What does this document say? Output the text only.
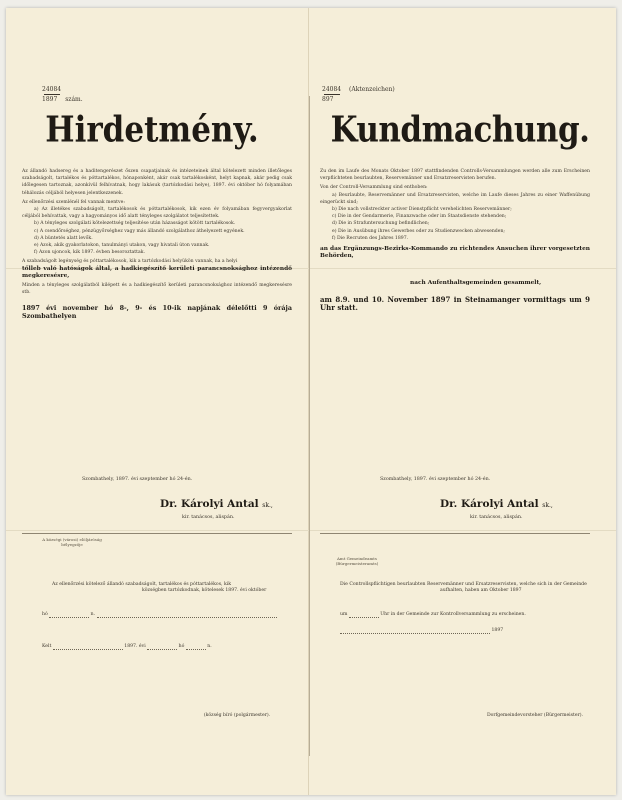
24084
1897 szám.
Hirdetmény.
Az állandó hadsereg és a haditengerészet őszen csapatjainak és intézeteinek által kötelezett minden illetőleges szabadságolt, tartalékos és póttartalékos, hónaponként, akár csak tartalékosként, helyt kapnak, akár pedig csak időlegesen tartoznak, azonkívül felhívatnak, hogy lakásuk (tartózkodási helye), 1897. évi október hó folyamában téhálozás céljából helyesen jelentkezzenek.
Az ellenőrzési szemlénél fel vannak mentve:
a) Az illetékes szabadságolt, tartalékosok és póttartalékosok, kik ezen év folyamában fegyvergyakorlat céljából behívattak, vagy a hagyományos idő alatt tényleges szolgálatot teljesítettek.
b) A tényleges szolgálati kötelezettség teljesítése után házasságot kötött tartalékosok.
c) A csendőrséghez, pénzügyőrséghez vagy más állandó szolgálathoz áthelyezett egyének.
d) A büntetés alatt levők.
e) Azok, akik gyakorlatokon, tanulmányi utakon, vagy hivatali úton vannak.
f) Azon ujoncok, kik 1897. évben besoroztattak.
A szabadságolt legénység és póttartalékosok, kik a tartózkodási helyükön vannak, ha a helyi
tőlleb való hatóságok által, a hadkiegészítő kerületi parancsnoksághoz intézendő megkeresésre,
Minden a tényleges szolgálatból kilépett és a hadkiegészítő kerületi parancsnoksághoz intézendő megkeresésre stb.
1897 évi november hó 8-, 9- és 10-ik napjának délelőtti 9 órája Szombathelyen
Szombathely, 1897. évi szeptember hó 24-én.
Dr. Károlyi Antal sk.,
kir. tanácsos, alispán.
A községi (városi) elöljáróság bélyegzője
Az ellenőrzési kötelező állandó szabadságolt, tartalékos és póttartalékos, kik
községben tartózkodnak, kötelesek 1897. évi október
hó	n.
Kelt	1897. évi	hó	n.
(község bíró (polgármester).
24084 (Aktenzeichen)
897
Kundmachung.
Zu den im Laufe des Monats Oktober 1897 stattfindenden Controlls-Versammlungen werden alle zum Erscheinen verpflichteten beurlaubten, Reservemänner und Ersatzreservisten berufen.
Von der Controll-Versammlung sind enthoben:
a) Beurlaubte, Reservemänner und Ersatzreservisten, welche im Laufe dieses Jahres zu einer Waffenübung eingerückt sind;
b) Die nach vollstreckter activer Dienstpflicht verehelichten Reservemänner;
c) Die in der Gendarmerie, Finanzwache oder im Staatsdienste stehenden;
d) Die in Strafuntersuchung befindlichen;
e) Die in Ausübung ihres Gewerbes oder zu Studienzwecken abwesenden;
f) Die Recruten des Jahres 1897.
an das Ergänzungs-Bezirks-Kommando zu richtendes Ansuchen ihrer vorgesetzten Behörden,
nach Aufenthaltsgemeinden gesammelt,
am 8.9. und 10. November 1897 in Steinamanger vormittags um 9 Uhr statt.
Szombathely, 1897. évi szeptember hó 24-én.
Dr. Károlyi Antal sk.,
kir. tanácsos, alispán.
Amt Gemeindeamts (Bürgermeisteramts)
Die Controllspflichtigen beurlaubten Reservemänner und Ersatzreservisten, welche sich in der Gemeinde
aufhalten, haben am Oktober 1897
um	Uhr in der Gemeinde zur Kontrollversammlung zu erscheinen.
1897
Dorfgemeindevorsteher (Bürgermeister).
